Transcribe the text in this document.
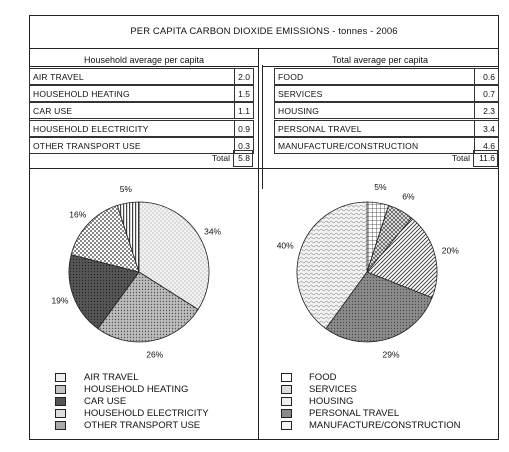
PER CAPITA CARBON DIOXIDE EMISSIONS - tonnes - 2006
Household average per capita
AIR TRAVEL	2.0
HOUSEHOLD HEATING	1.5
CAR USE	1.1
HOUSEHOLD ELECTRICITY	0.9
OTHER TRANSPORT USE	0.3
Total 5.8
Total average per capita
FOOD	0.6
SERVICES	0.7
HOUSING	2.3
PERSONAL TRAVEL	3.4
MANUFACTURE/CONSTRUCTION	4.6
Total	11.6
34%
26%
19%
16%
5%	5%
6%
20%
29%
40%
AIR TRAVEL
HOUSEHOLD HEATING
CAR USE
HOUSEHOLD ELECTRICITY
OTHER TRANSPORT USE
FOOD
SERVICES
HOUSING
PERSONAL TRAVEL
MANUFACTURE/CONSTRUCTION
